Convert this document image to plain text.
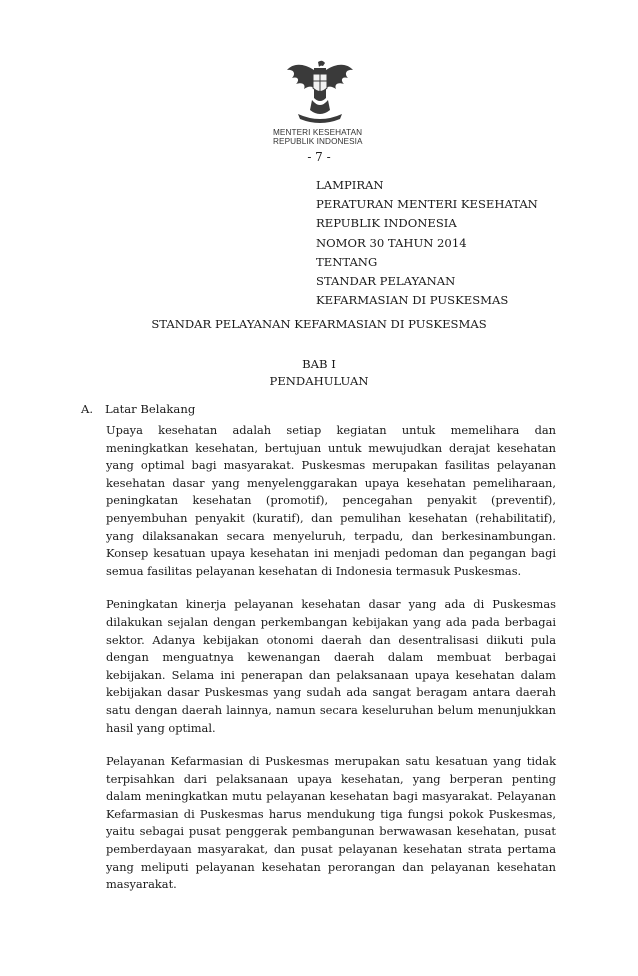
MENTERI KESEHATAN
REPUBLIK INDONESIA
- 7 -
LAMPIRAN
PERATURAN MENTERI KESEHATAN
REPUBLIK INDONESIA
NOMOR 30 TAHUN 2014
TENTANG
STANDAR PELAYANAN
KEFARMASIAN DI PUSKESMAS
STANDAR PELAYANAN KEFARMASIAN DI PUSKESMAS
BAB I
PENDAHULUAN
A. Latar Belakang

Upaya kesehatan adalah setiap kegiatan untuk memelihara dan meningkatkan kesehatan, bertujuan untuk mewujudkan derajat kesehatan yang optimal bagi masyarakat. Puskesmas merupakan fasilitas pelayanan kesehatan dasar yang menyelenggarakan upaya kesehatan pemeliharaan, peningkatan kesehatan (promotif), pencegahan penyakit (preventif), penyembuhan penyakit (kuratif), dan pemulihan kesehatan (rehabilitatif), yang dilaksanakan secara menyeluruh, terpadu, dan berkesinambungan. Konsep kesatuan upaya kesehatan ini menjadi pedoman dan pegangan bagi semua fasilitas pelayanan kesehatan di Indonesia termasuk Puskesmas.

Peningkatan kinerja pelayanan kesehatan dasar yang ada di Puskesmas dilakukan sejalan dengan perkembangan kebijakan yang ada pada berbagai sektor. Adanya kebijakan otonomi daerah dan desentralisasi diikuti pula dengan menguatnya kewenangan daerah dalam membuat berbagai kebijakan. Selama ini penerapan dan pelaksanaan upaya kesehatan dalam kebijakan dasar Puskesmas yang sudah ada sangat beragam antara daerah satu dengan daerah lainnya, namun secara keseluruhan belum menunjukkan hasil yang optimal.

Pelayanan Kefarmasian di Puskesmas merupakan satu kesatuan yang tidak terpisahkan dari pelaksanaan upaya kesehatan, yang berperan penting dalam meningkatkan mutu pelayanan kesehatan bagi masyarakat. Pelayanan Kefarmasian di Puskesmas harus mendukung tiga fungsi pokok Puskesmas, yaitu sebagai pusat penggerak pembangunan berwawasan kesehatan, pusat pemberdayaan masyarakat, dan pusat pelayanan kesehatan strata pertama yang meliputi pelayanan kesehatan perorangan dan pelayanan kesehatan masyarakat.
